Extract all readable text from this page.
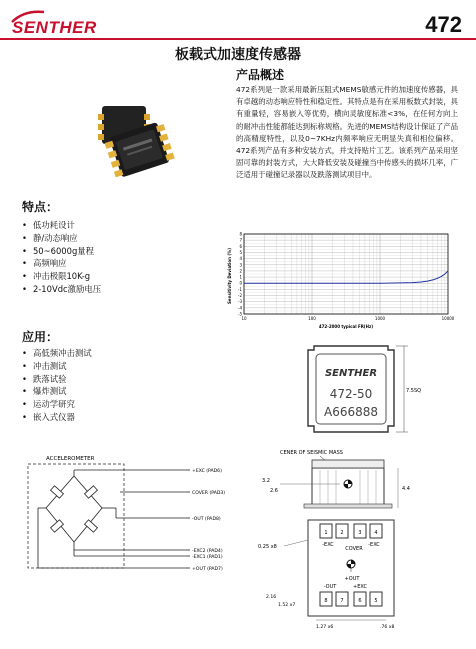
SENTHER	472
板载式加速度传感器
产品概述
472系列是一款采用最新压阻式MEMS敏感元件的加速度传感器，具有卓越的动态响应特性和稳定性。其特点是有在采用板数式封装，具有重量轻，容易嵌入等优势，横向灵敏度标准<3%，在任何方向上的耐冲击性能都能达到标称规格。先进的MEMS结构设计保证了产品的高精度特性，以及0~7KHz内频率响应无明显失真和相位偏移。472系列产品有多种安装方式，并支持贴片工艺。该系列产品采用坚固可靠的封装方式，大大降低安装及碰撞当中传感头的损坏几率，广泛适用于碰撞记录器以及跌落测试项目中。
特点：
• 低功耗设计
• 静/动态响应
• 50~6000g量程
• 高频响应
• 冲击极限10K-g
• 2-10Vdc激励电压
应用：
• 高低频冲击测试
• 冲击测试
• 跌落试验
• 爆炸测试
• 运动学研究
• 嵌入式仪器
8
7
6
5
4
3
2
1
0
-1
-2
-3
-4
-5
10	100	1000	10000
Sensitivity Deviation (%)
472-2000 typical FR(Hz)
7.5SQ
SENTHER
472-50
A666888
ACCELEROMETER
+EXC (PAD6)
COVER (PAD3)
-OUT (PAD8)
-EXC2 (PAD4)
-EXC1 (PAD1)
+OUT (PAD7)
CENER OF SEISMIC MASS
3.2
2.6	4.4
1	2	3	4
-EXC	-EXC
COVER
+OUT
-OUT	+EXC
8	7	6	5
0.25 x8
2.16
1.52 x7
1.27 x6	.76 x8
